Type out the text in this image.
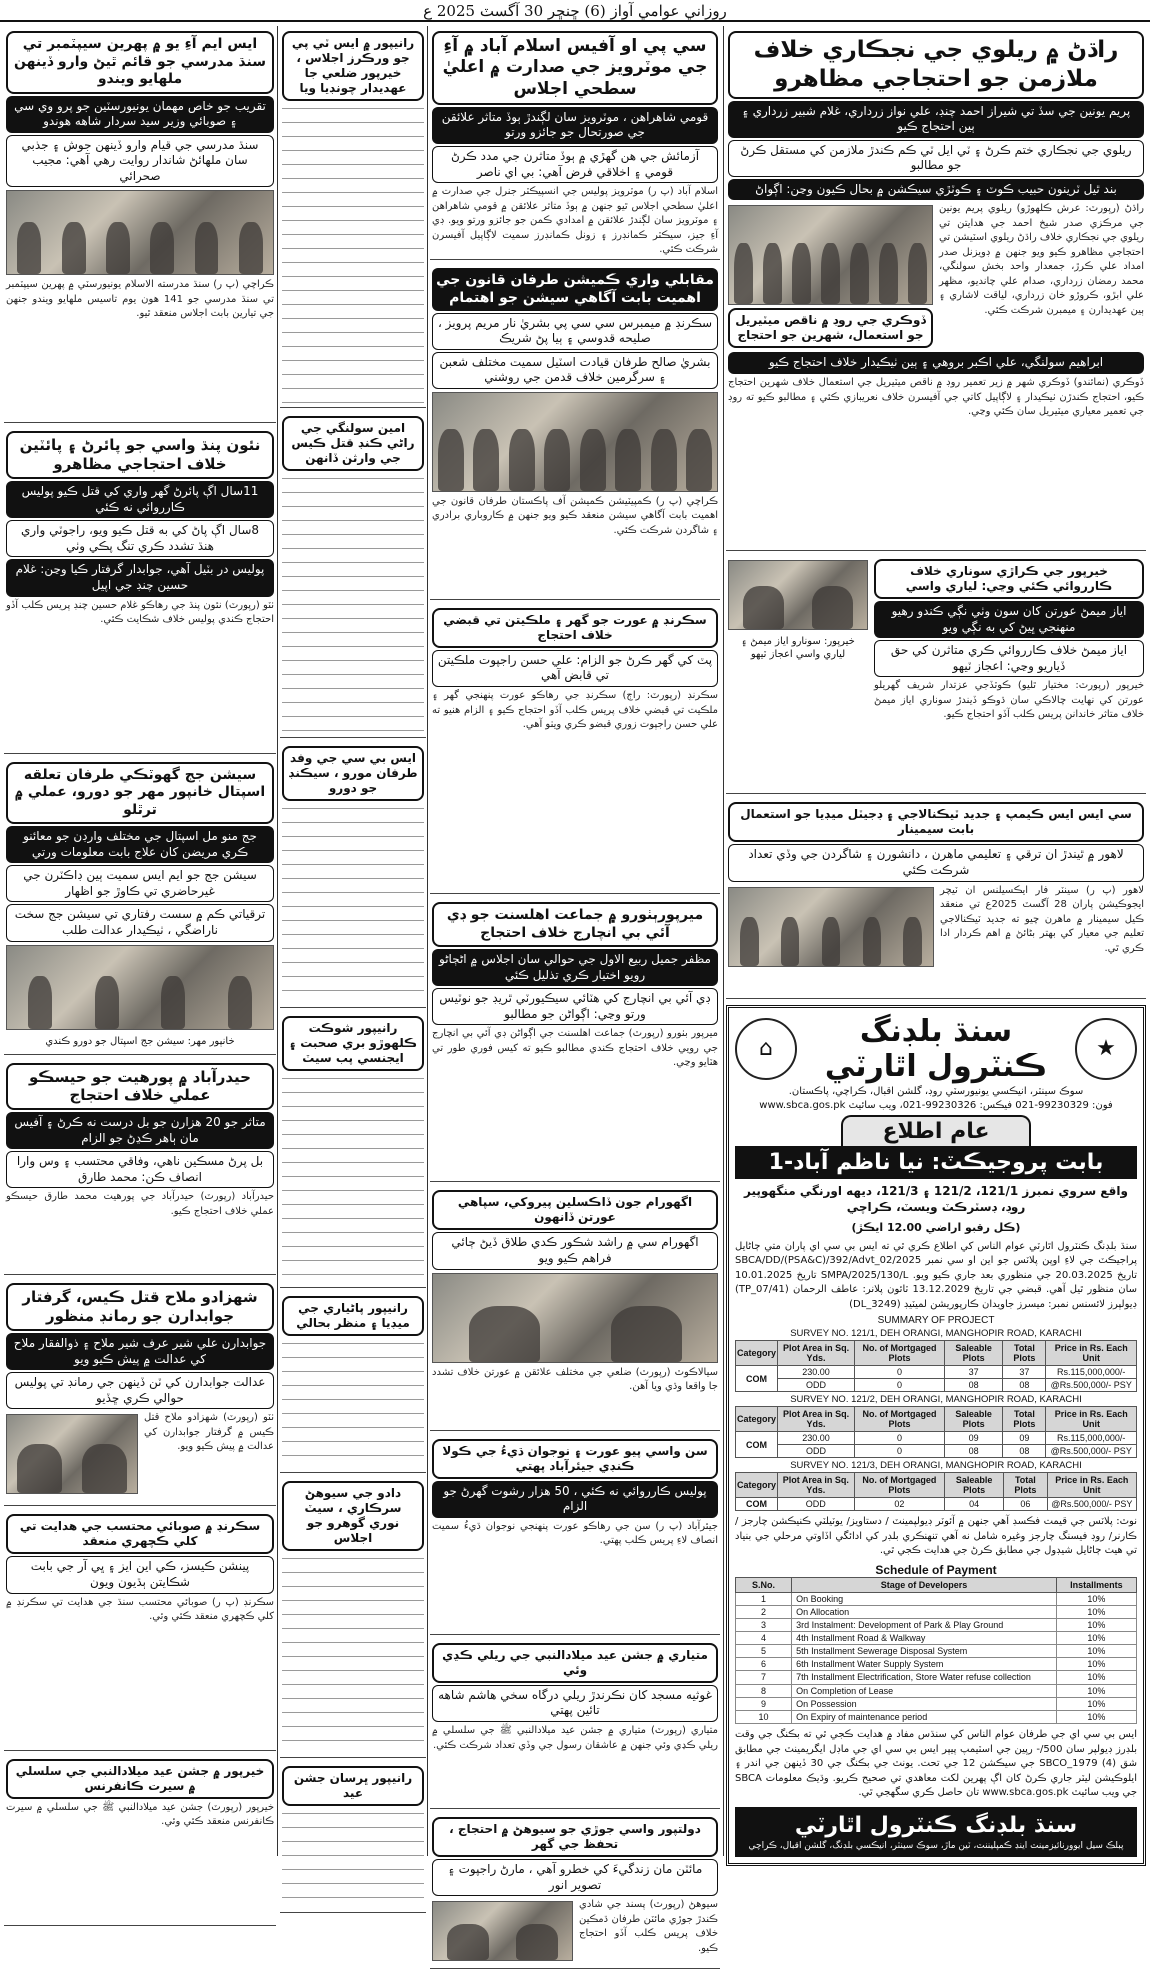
روزاني عوامي آواز (6) ڇنڇر 30 آگسٽ 2025 ع
راڌڻ ۾ ريلوي جي نجڪاري خلاف ملازمن جو احتجاجي مظاهرو
پريم يونين جي سڏ تي شيراز احمد چنڊ، علي نواز زرداري، غلام شبير زرداري ۽ ٻين احتجاج ڪيو
ريلوي جي نجڪاري ختم ڪرڻ ۽ ٽي ايل ٽي ڪم ڪندڙ ملازمن کي مستقل ڪرڻ جو مطالبو
بند ٿيل ٽرينون حبيب ڪوٽ ۽ ڪوٽڙي سيڪشن ۾ بحال ڪيون وڃن: اڳواڻ
راڌڻ (رپورٽ: عرش ڪلهوڙو) ريلوي پريم يونين جي مرڪزي صدر شيخ احمد جي هدايتن تي ريلوي جي نجڪاري خلاف راڌڻ ريلوي اسٽيشن تي احتجاجي مظاهرو ڪيو ويو جنهن ۾ ڊويزنل صدر امداد علي ڪرڙ، جمعدار واحد بخش سولنگي، محمد رمضان زرداري، صدام علي چانديو، مظهر علي ابڙو، ڪروڙو خان زرداري، لياقت لاشاري ۽ ٻين عهديدارن ۽ ميمبرن شرڪت ڪئي.
ڏوڪري جي روڊ ۾ ناقص ميٽيريل جو استعمال، شهرين جو احتجاج
ابراهيم سولنگي، علي اڪبر بروهي ۽ ٻين ٺيڪيدار خلاف احتجاج ڪيو
ڏوڪري (نمائندو) ڏوڪري شهر ۾ زير تعمير روڊ ۾ ناقص ميٽيريل جي استعمال خلاف شهرين احتجاج ڪيو، احتجاج ڪندڙن ٺيڪيدار ۽ لاڳاپيل کاتي جي آفيسرن خلاف نعريبازي ڪئي ۽ مطالبو ڪيو ته روڊ جي تعمير معياري ميٽيريل سان ڪئي وڃي.
خيرپور جي ڪراڙي سوناري خلاف ڪارروائي ڪئي وڃي: لياري واسي
اياز ميمڻ عورتن کان سون وٺي نڳي ڪندو رهيو منهنجي ڀيڻ کي به نڳي ويو
اياز ميمڻ خلاف ڪارروائي ڪري متاثرن کي حق ڏياريو وڃي: اعجاز ٽيهو
خيرپور (رپورٽ: مختيار ٿليو) ڪوٽڏجي عزتدار شريف گهريلو عورتن کي نهايت چالاڪي سان ڌوڪو ڏيندڙ سوناري اياز ميمڻ خلاف متاثر خاندانن پريس ڪلب آڏو احتجاج ڪيو.
خيرپور: سونارو اياز ميمڻ ۽ لياري واسي اعجاز ٽيهو
سي ايس ايس ڪيمپ ۽ جديد ٽيڪنالاجي ۽ ڊجيٽل ميڊيا جو استعمال بابت سيمينار
لاهور ۾ ٿيندڙ ان ترقي ۽ تعليمي ماهرن ، دانشورن ۽ شاگردن جي وڏي تعداد شرڪت ڪئي
لاهور (پ ر) سينٽر فار ايڪسيلنس ان ٽيچر ايجوڪيشن پاران 28 آگسٽ 2025ع تي منعقد ڪيل سيمينار ۾ ماهرن چيو ته جديد ٽيڪنالاجي تعليم جي معيار کي بهتر بڻائڻ ۾ اهم ڪردار ادا ڪري ٿي.
★
سنڌ بلڊنگ ڪنٽرول اٿارٽي
⌂
سوڪ سينٽر، انيڪسي يونيورسٽي روڊ، گلشن اقبال، ڪراچي، پاڪستان.
www.sbca.gos.pk فون: 99230329-021 فيڪس: 99230326-021، ويب سائيٽ
عام اطلاع
بابت پروجيڪٽ: نيا ناظم آباد-1
واقع سروي نمبرز 121/1، 121/2 ۽ 121/3، ديهه اورنگي منگهوپير روڊ، ڊسٽرڪٽ ويسٽ، ڪراچي
(ڪل رقبو اراضي 12.00 ايڪڙ)
سنڌ بلڊنگ ڪنٽرول اٿارٽي عوام الناس کي اطلاع ڪري ٿي ته ايس بي سي اي پاران متي ڄاڻايل پراجيڪٽ جي لاءِ اوپن پلاٽس جو اين او سي نمبر SBCA/DD/(PSA&C)/392/Advt_02/2025 تاريخ 20.03.2025 جي منظوري بعد جاري ڪيو ويو. SMPA/2025/130/L تاريخ 10.01.2025 سان منظور ٿيل آهي. قبضي جي تاريخ 13.12.2029 ٽائون پلانر: عاطف الرحمان (TP_07/41) ڊيولپرز لائسنس نمبر: ميسرز جاويدان ڪارپوريشن لميٽيڊ (DL_3249)
SUMMARY OF PROJECT
SURVEY NO. 121/1, DEH ORANGI, MANGHOPIR ROAD, KARACHI
Category	Plot Area in Sq. Yds.	No. of Mortgaged Plots	Saleable Plots	Total Plots	Price in Rs. Each Unit
COM	230.00	0	37	37	Rs.115,000,000/-
	ODD	0	08	08	@Rs.500,000/- PSY
SURVEY NO. 121/2, DEH ORANGI, MANGHOPIR ROAD, KARACHI
Category	Plot Area in Sq. Yds.	No. of Mortgaged Plots	Saleable Plots	Total Plots	Price in Rs. Each Unit
COM	230.00	0	09	09	Rs.115,000,000/-
	ODD	0	08	08	@Rs.500,000/- PSY
SURVEY NO. 121/3, DEH ORANGI, MANGHOPIR ROAD, KARACHI
Category	Plot Area in Sq. Yds.	No. of Mortgaged Plots	Saleable Plots	Total Plots	Price in Rs. Each Unit
COM	ODD	02	04	06	@Rs.500,000/- PSY
نوٽ: پلاٽس جي قيمت فڪسڊ آهي جنهن ۾ آئوٽر ڊيولپمينٽ / دستاويز/ يوٽيلٽي ڪنيڪشن چارجز / ڪارنر/ روڊ فيسنگ چارجز وغيره شامل نه آهي تنهنڪري بلڊر کي ادائگي اڏاوتي مرحلي جي بنياد تي هيٺ ڄاڻايل شيڊول جي مطابق ڪرڻ جي هدايت ڪجي ٿي.
Schedule of Payment
S.No.	Stage of Developers	Installments
1	On Booking	10%
2	On Allocation	10%
3	3rd Instalment: Development of Park & Play Ground	10%
4	4th Installment Road & Walkway	10%
5	5th Installment Sewerage Disposal System	10%
6	6th Installment Water Supply System	10%
7	7th Installment Electrification, Store Water refuse collection	10%
8	On Completion of Lease	10%
9	On Possession	10%
10	On Expiry of maintenance period	10%
ايس بي سي اي جي طرفان عوام الناس کي سنڌس مفاد ۾ هدايت ڪجي ٿي ته بڪنگ جي وقت بلڊرز ڊيولپر سان 500/- رپين جي اسٽيمپ پيپر ايس بي سي اي جي ماڊل ايگريمينٽ جي مطابق شق (4) SBCO_1979 جي سيڪشن 12 جي تحت. يونٽ جي بڪنگ جي 30 ڏينهن جي اندر ۽ ايلوڪيشن ليٽر جاري ڪرڻ کان اڳ پهرين لکت معاهدي تي صحيح ڪريو. وڌيڪ معلومات SBCA جي ويب سائيٽ www.sbca.gos.pk تان حاصل ڪري سگهجي ٿي.
سنڌ بلڊنگ ڪنٽرول اٿارٽي
پبلڪ سيل ايوورنائيزمينٽ اينڊ ڪمپليننٽ، ٽين ماڙ، سوڪ سينٽر، انيڪسي بلڊنگ، گلشن اقبال، ڪراچي
سي پي او آفيس اسلام آباد ۾ آءِ جي موٽرويز جي صدارت ۾ اعليٰ سطحي اجلاس
قومي شاهراهن ، موٽرويز سان لڳندڙ ٻوڏ متاثر علائقن جي صورتحال جو جائزو ورتو
آزمائش جي هن گهڙي ۾ ٻوڏ متاثرن جي مدد ڪرڻ قومي ۽ اخلاقي فرض آهي: بي اي ناصر
اسلام آباد (پ ر) موٽرويز پوليس جي انسپيڪٽر جنرل جي صدارت ۾ اعليٰ سطحي اجلاس ٿيو جنهن ۾ ٻوڏ متاثر علائقن ۾ قومي شاهراهن ۽ موٽرويز سان لڳندڙ علائقن ۾ امدادي ڪمن جو جائزو ورتو ويو. ڊي آءِ جيز، سيڪٽر ڪمانڊرز ۽ زونل ڪمانڊرز سميت لاڳاپيل آفيسرن شرڪت ڪئي.
مقابلي واري ڪميشن طرفان قانون جي اهميت بابت آگاهي سيشن جو اهتمام
سڪرنڊ ۾ ميمبرس سي سي پي بشريٰ نار مريم پرويز ، صليحه قدوسي ۽ ٻيا پڻ شريڪ
بشريٰ صالح طرفان قيادت اسٽيل سميت مختلف شعبن ۽ سرگرمين خلاف قدمن جي روشني
ڪراچي (پ ر) ڪمپيٽيشن ڪميشن آف پاڪستان طرفان قانون جي اهميت بابت آگاهي سيشن منعقد ڪيو ويو جنهن ۾ ڪاروباري برادري ۽ شاگردن شرڪت ڪئي.
سڪرنڊ ۾ عورت جو گهر ۽ ملڪيتن تي قبضي خلاف احتجاج
پٽ کي گهر ڪرڻ جو الزام: علي حسن راجپوت ملڪيتن تي قابض آهي
سڪرنڊ (رپورٽ: راڄ) سڪرنڊ جي رهاڪو عورت پنهنجي گهر ۽ ملڪيت تي قبضي خلاف پريس ڪلب آڏو احتجاج ڪيو ۽ الزام هنيو ته علي حسن راجپوت زوري قبضو ڪري ويٺو آهي.
ميرپورٻٺورو ۾ جماعت اهلسنت جو ڊي آئي بي انچارج خلاف احتجاج
مظفر جميل ربيع الاول جي حوالي سان اجلاس ۾ اڻڄاڻو رويو اختيار ڪري تذليل ڪئي
ڊي آئي بي انچارج کي هٽائي سيڪيورٽي ٿريڊ جو نوٽيس ورتو وڃي: اڳواڻن جو مطالبو
ميرپور بٺورو (رپورٽ) جماعت اهلسنت جي اڳواڻن ڊي آئي بي انچارج جي رويي خلاف احتجاج ڪندي مطالبو ڪيو ته کيس فوري طور تي هٽايو وڃي.
اگهورام جون ڏاڪسلين پيروکي، سپاهي عورتن ڏانهون
اگهورام سي ۾ راشد شڪور ڪدي طلاق ڏيڻ ڄائي فراهم ڪيو ويو
سيالاڪوٽ (رپورٽ) ضلعي جي مختلف علائقن ۾ عورتن خلاف تشدد جا واقعا وڌي ويا آهن.
سن واسي پيو عورت ۽ نوجوان ڌيءُ جي ڪولا ڪنڊي جيئرآباد پهتي
پوليس ڪارروائي نه ڪئي ، 50 هزار رشوت گهرڻ جو الزام
جيئرآباد (پ ر) سن جي رهاڪو عورت پنهنجي نوجوان ڌيءُ سميت انصاف لاءِ پريس ڪلب پهتي.
متياري ۾ جشن عيد ميلادالنبي جي ريلي ڪڍي وئي
غوثيه مسجد کان نڪرندڙ ريلي درگاه سخي هاشم شاهه تائين پهتي
متياري (رپورٽ) متياري ۾ جشن عيد ميلادالنبي ﷺ جي سلسلي ۾ ريلي ڪڍي وئي جنهن ۾ عاشقان رسول جي وڏي تعداد شرڪت ڪئي.
دولتپور واسي جوڙي جو سيوهڻ ۾ احتجاج ، تحفظ جي گهر
مائٽن مان زندگيءَ کي خطرو آهي ، مارڻ راجپوت ۽ تصوير انور
سيوهڻ (رپورٽ) پسند جي شادي ڪندڙ جوڙي مائٽن طرفان ڌمڪين خلاف پريس ڪلب آڏو احتجاج ڪيو.
رانيپور ۾ ايس ٽي پي جو ورڪرز اجلاس ، خيرپور ضلعي جا عهديدار چونڊيا ويا
امين سولنگي جي راڻي ڪنڊ قتل ڪيس جي وارثن ڏانهن
ايس بي سي جي وفد طرفان مورو ، سيڪنڊ جو دورو
رانيپور شوڪت ڪلهوڙو بري صحبت ۽ ايجنسي پب سيٽ
رانيپور پاڻياري جي ميڊيا ۽ منظر بحالي
دادو جي سيوهڻ سرڪاري ، سيٽ نوري گوهرو جو اجلاس
رانيپور ڀرسان جشن عيد
ايس ايم آءِ يو ۾ پهرين سيپٽمبر تي سنڌ مدرسي جو قائم ٿيڻ وارو ڏينهن ملهايو ويندو
تقريب جو خاص مهمان يونيورسٽين جو پرو وي سي ۽ صوبائي وزير سيد سردار شاهه هوندو
سنڌ مدرسي جي قيام وارو ڏينهن جوش ۽ جذبي سان ملهائڻ شاندار روايت رهي آهي: مجيب صحرائي
ڪراچي (پ ر) سنڌ مدرسته الاسلام يونيورسٽي ۾ پهرين سيپٽمبر تي سنڌ مدرسي جو 141 هون يوم تاسيس ملهايو ويندو جنهن جي تيارين بابت اجلاس منعقد ٿيو.
نئون پنڌ واسي جو پائرڻ ۽ پائٽين خلاف احتجاجي مظاهرو
11سال اڳ پائرڻ گهر واري کي قتل ڪيو پوليس ڪارروائي نه ڪئي
8سال اڳ پاڻ کي به قتل ڪيو ويو، راجوٽي واري هنڌ تشدد ڪري تنگ پڪي وٺي
پوليس در بٽيل آهي، جوابدار گرفتار ڪيا وڃن: غلام حسين چنڊ جي اپيل
ٺٽو (رپورٽ) نئون پنڌ جي رهاڪو غلام حسين چنڊ پريس ڪلب آڏو احتجاج ڪندي پوليس خلاف شڪايت ڪئي.
سيشن جج گهوٽڪي طرفان تعلقه اسپتال خانپور مهر جو دورو، عملي ۾ ترٿلو
جج منو مل اسپتال جي مختلف وارڊن جو معائنو ڪري مريضن کان علاج بابت معلومات ورتي
سيشن جج جو ايم ايس سميت ٻين ڊاڪٽرن جي غيرحاضري تي ڪاوڙ جو اظهار
ترقياتي ڪم ۾ سست رفتاري تي سيشن جج سخت ناراضگي ، ٺيڪيدار عدالت طلب
خانپور مهر: سيشن جج اسپتال جو دورو ڪندي
حيدرآباد ۾ پورهيت جو حيسڪو عملي خلاف احتجاج
متاثر جو 20 هزارن جو بل درست نه ڪرڻ ۽ آفيس مان ٻاهر ڪڍڻ جو الزام
بل پرڻ مسڪين ناهي، وفاقي محتسب ۽ وس وارا انصاف ڪن: محمد طارق
حيدرآباد (رپورٽ) حيدرآباد جي پورهيت محمد طارق حيسڪو عملي خلاف احتجاج ڪيو.
شهزادو ملاح قتل ڪيس، گرفتار جوابدارن جو رمانڊ منظور
جوابدارن علي شير عرف شير ملاح ۽ ذوالفقار ملاح کي عدالت ۾ پيش ڪيو ويو
عدالت جوابدارن کي ٽن ڏينهن جي رمانڊ تي پوليس حوالي ڪري ڇڏيو
ٺٽو (رپورٽ) شهزادو ملاح قتل ڪيس ۾ گرفتار جوابدارن کي عدالت ۾ پيش ڪيو ويو.
سڪرنڊ ۾ صوبائي محتسب جي هدايت تي کلي ڪچهري منعقد
پينشن ڪيسز، ڪي اين ايز ۽ ڀي آر جي بابت شڪايتن ٻڌيون ويون
سڪرنڊ (پ ر) صوبائي محتسب سنڌ جي هدايت تي سڪرنڊ ۾ کلي ڪچهري منعقد ڪئي وئي.
خيرپور ۾ جشن عيد ميلادالنبي جي سلسلي ۾ سيرت ڪانفرنس
خيرپور (رپورٽ) جشن عيد ميلادالنبي ﷺ جي سلسلي ۾ سيرت ڪانفرنس منعقد ڪئي وئي.
